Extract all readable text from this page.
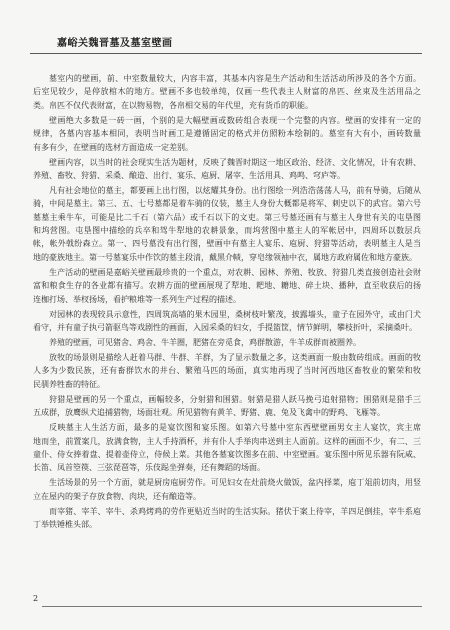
嘉峪关魏晋墓及墓室壁画
墓室内的壁画，前、中室数量较大，内容丰富，其基本内容是生产活动和生活活动所涉及的各个方面。
后室见较少，是停放棺木的地方。壁画不多也较单纯，仅画一些代表主人财富的帛匹、丝束及生活用品之
类。帛匹不仅代表财富，在以物易物，各帛相交易的年代里，充有货币的职能。
壁画绝大多数是一砖一画，个别的是大幅壁画或数砖组合表现一个完整的内容。壁画的安排有一定的
规律，各墓内容基本相同，表明当时画工是遵循固定的格式并仿照粉本绘制的。墓室有大有小，画砖数量
有多有少，在壁画的选材方面造成一定差别。
壁画内容，以当时的社会现实生活为题材，反映了魏晋时期这一地区政治、经济、文化情况，计有农耕、
养殖、畜牧、狩猎、采桑、酿造、出行、宴乐、庖厨、屠宰、生活用具、鸡鸣、穹庐等。
凡有社会地位的墓主，都要画上出行图，以炫耀其身份。出行图绘一列浩浩荡荡人马，前有导骑，后随从
骑，中间是墓主。第三、五、七号墓都是着车骑的仪装，墓主人身份大概都是将军、刺史以下的武官。第六号
墓墓主乘牛车，可能是比二千石（第六品）或千石以下的文吏。第三号墓还画有与墓主人身世有关的屯垦图
和坞营图。屯垦图中描绘的兵卒和驾牛犁地的农耕景象，而坞营图中墓主人的军帐居中，四周环以数层兵
帐，帐外戟纷森立。第一、四号墓没有出行图，壁画中有墓主人宴乐、庖厨、狩猎等活动，表明墓主人是当
地的豪族地主。第一号墓宴乐中作饮的墓主段清，戴黑介帻，穿皂缘领袖中衣，属地方政府属佐和地方豪族。
生产活动的壁画是嘉峪关壁画最珍贵的一个重点，对农耕、园林、养殖、牧放、狩猎几类直接创造社会财
富和粮食生存的各业都有描写。农耕方面的壁画展现了犁地、耙地、耱地、碎土块、播种，直至收获后的扬
连枷打场、举杈扬场，看护粮堆等一系列生产过程的描述。
对园林的表现较具示意性，四周筑高墙的果木园里，桑树枝叶繁茂，披露墙头，童子在园外守，或由门犬
看守，并有童子执弓箭驱鸟等戏剧性的画面，入园采桑的妇女，手提篮筐，情节鲜明，攀枝折叶，采摘桑叶。
养殖的壁画，可见猪舍、鸡舍、牛羊圈，肥猪在旁觅食，鸡群散游，牛羊成群而被圈养。
放牧的场景则是描绘人赶着马群、牛群、羊群，为了显示数量之多，这类画面一般由数砖组成。画面的牧
人多为少数民族，还有畜群饮水的井台、繁殖马匹的场面，真实地再现了当时河西地区畜牧业的繁荣和牧
民驯养牲畜的特征。
狩猎是壁画的另一个重点，画幅较多，分射猎和围猎。射猎是猎人跃马挽弓追射猎物；围猎则是猎手三
五成群，放鹰纵犬追捕猎物，场面壮观。所见猎物有黄羊、野猪、鹿、兔及飞禽中的野鸡、飞雁等。
反映墓主人生活方面，最多的是宴饮图和宴乐图。如第六号墓中室东西壁壁画男女主人宴饮，宾主席
地而坐，前置案几，放满食物，主人手持酒杯，并有仆人手举肉串送到主人面前。这样的画面不少，有二、三
童仆、侍女捧着盘、提着壶侍立，侍候上菜。其他各墓宴饮图多在前、中室壁画。宴乐图中所见乐器有阮咸、
长笛、凤首箜篌、三弦琵琶等，乐伎跽坐弹奏，还有舞蹈的场面。
生活场景的另一个方面，就是厨房庖厨劳作。可见妇女在灶前烧火做饭，盆内择菜，庖丁俎前切肉，用竖
立在屋内的架子存放食物、肉块，还有酿造等。
而宰猪、宰羊、宰牛、杀鸡烤鸡的劳作更贴近当时的生活实际。猪伏于案上待宰，羊四足倒挂，宰牛系庖
丁举铁锤椎头部。
2
